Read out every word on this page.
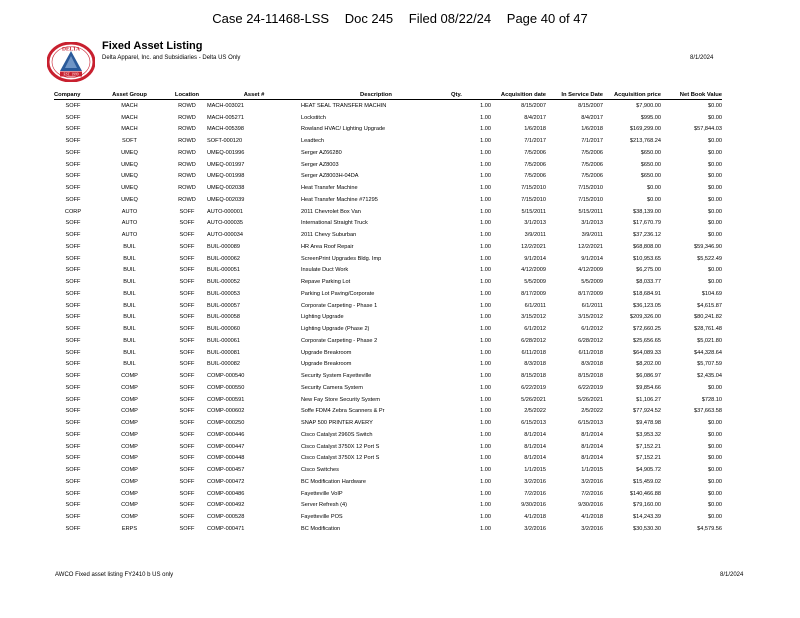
Case 24-11468-LSS Doc 245 Filed 08/22/24 Page 40 of 47
DELTA
EST. 1999
Fixed Asset Listing
Delta Apparel, Inc. and Subsidiaries - Delta US Only	8/1/2024
Company	Asset Group	Location	Asset #	Description	Qty.	Acquisition date	In Service Date	Acquisition price	Net Book Value
SOFF	MACH	ROWD	MACH-003021	HEAT SEAL TRANSFER MACHIN	1.00	8/15/2007	8/15/2007	$7,900.00	$0.00
SOFF	MACH	ROWD	MACH-005271	Lockstitch	1.00	8/4/2017	8/4/2017	$995.00	$0.00
SOFF	MACH	ROWD	MACH-005398	Rowland HVAC/ Lighting Upgrade	1.00	1/6/2018	1/6/2018	$169,299.00	$57,844.03
SOFF	SOFT	ROWD	SOFT-000120	Leadtech	1.00	7/1/2017	7/1/2017	$213,768.24	$0.00
SOFF	UMEQ	ROWD	UMEQ-001996	Serger AZ66280	1.00	7/5/2006	7/5/2006	$650.00	$0.00
SOFF	UMEQ	ROWD	UMEQ-001997	Serger AZ8003	1.00	7/5/2006	7/5/2006	$650.00	$0.00
SOFF	UMEQ	ROWD	UMEQ-001998	Serger AZ8003H-04DA	1.00	7/5/2006	7/5/2006	$650.00	$0.00
SOFF	UMEQ	ROWD	UMEQ-002038	Heat Transfer Machine	1.00	7/15/2010	7/15/2010	$0.00	$0.00
SOFF	UMEQ	ROWD	UMEQ-002039	Heat Transfer Machine #71295	1.00	7/15/2010	7/15/2010	$0.00	$0.00
CORP	AUTO	SOFF	AUTO-000001	2011 Chevrolet Box Van	1.00	5/15/2011	5/15/2011	$38,139.00	$0.00
SOFF	AUTO	SOFF	AUTO-000035	International Straight Truck	1.00	3/1/2013	3/1/2013	$17,670.79	$0.00
SOFF	AUTO	SOFF	AUTO-000034	2011 Chevy Suburban	1.00	3/9/2011	3/9/2011	$37,236.12	$0.00
SOFF	BUIL	SOFF	BUIL-000089	HR Area Roof Repair	1.00	12/2/2021	12/2/2021	$68,808.00	$59,346.90
SOFF	BUIL	SOFF	BUIL-000062	ScreenPrint Upgrades Bldg. Imp	1.00	9/1/2014	9/1/2014	$10,953.65	$5,522.49
SOFF	BUIL	SOFF	BUIL-000051	Insulate Duct Work	1.00	4/12/2009	4/12/2009	$6,275.00	$0.00
SOFF	BUIL	SOFF	BUIL-000052	Repave Parking Lot	1.00	5/5/2009	5/5/2009	$8,033.77	$0.00
SOFF	BUIL	SOFF	BUIL-000053	Parking Lot Paving/Corporate	1.00	8/17/2009	8/17/2009	$18,684.91	$104.69
SOFF	BUIL	SOFF	BUIL-000057	Corporate Carpeting - Phase 1	1.00	6/1/2011	6/1/2011	$36,123.05	$4,615.87
SOFF	BUIL	SOFF	BUIL-000058	Lighting Upgrade	1.00	3/15/2012	3/15/2012	$209,326.00	$80,241.82
SOFF	BUIL	SOFF	BUIL-000060	Lighting Upgrade (Phase 2)	1.00	6/1/2012	6/1/2012	$72,660.25	$28,761.48
SOFF	BUIL	SOFF	BUIL-000061	Corporate Carpeting - Phase 2	1.00	6/28/2012	6/28/2012	$25,656.65	$5,021.80
SOFF	BUIL	SOFF	BUIL-000081	Upgrade Breakroom	1.00	6/11/2018	6/11/2018	$64,089.33	$44,328.64
SOFF	BUIL	SOFF	BUIL-000082	Upgrade Breakroom	1.00	8/3/2018	8/3/2018	$8,202.00	$5,707.59
SOFF	COMP	SOFF	COMP-000540	Security System Fayetteville	1.00	8/15/2018	8/15/2018	$6,086.97	$2,435.04
SOFF	COMP	SOFF	COMP-000550	Security Camera System	1.00	6/22/2019	6/22/2019	$9,854.66	$0.00
SOFF	COMP	SOFF	COMP-000591	New Fay Store Security System	1.00	5/26/2021	5/26/2021	$1,106.27	$728.10
SOFF	COMP	SOFF	COMP-000602	Soffe FDM4 Zebra Scanners & Pr	1.00	2/5/2022	2/5/2022	$77,924.52	$37,663.58
SOFF	COMP	SOFF	COMP-000250	SNAP 500 PRINTER AVERY	1.00	6/15/2013	6/15/2013	$9,478.98	$0.00
SOFF	COMP	SOFF	COMP-000446	Cisco Catalyst 2960S Switch	1.00	8/1/2014	8/1/2014	$3,953.32	$0.00
SOFF	COMP	SOFF	COMP-000447	Cisco Catalyst 3750X 12 Port S	1.00	8/1/2014	8/1/2014	$7,152.21	$0.00
SOFF	COMP	SOFF	COMP-000448	Cisco Catalyst 3750X 12 Port S	1.00	8/1/2014	8/1/2014	$7,152.21	$0.00
SOFF	COMP	SOFF	COMP-000457	Cisco Switches	1.00	1/1/2015	1/1/2015	$4,905.72	$0.00
SOFF	COMP	SOFF	COMP-000472	BC Modification Hardware	1.00	3/2/2016	3/2/2016	$15,459.02	$0.00
SOFF	COMP	SOFF	COMP-000486	Fayetteville VoIP	1.00	7/2/2016	7/2/2016	$140,466.88	$0.00
SOFF	COMP	SOFF	COMP-000492	Server Refresh (4)	1.00	9/30/2016	9/30/2016	$79,160.00	$0.00
SOFF	COMP	SOFF	COMP-000528	Fayetteville POS	1.00	4/1/2018	4/1/2018	$14,243.39	$0.00
SOFF	ERPS	SOFF	COMP-000471	BC Modification	1.00	3/2/2016	3/2/2016	$30,530.30	$4,579.56
AWCO Fixed asset listing FY2410 b US only	8/1/2024
